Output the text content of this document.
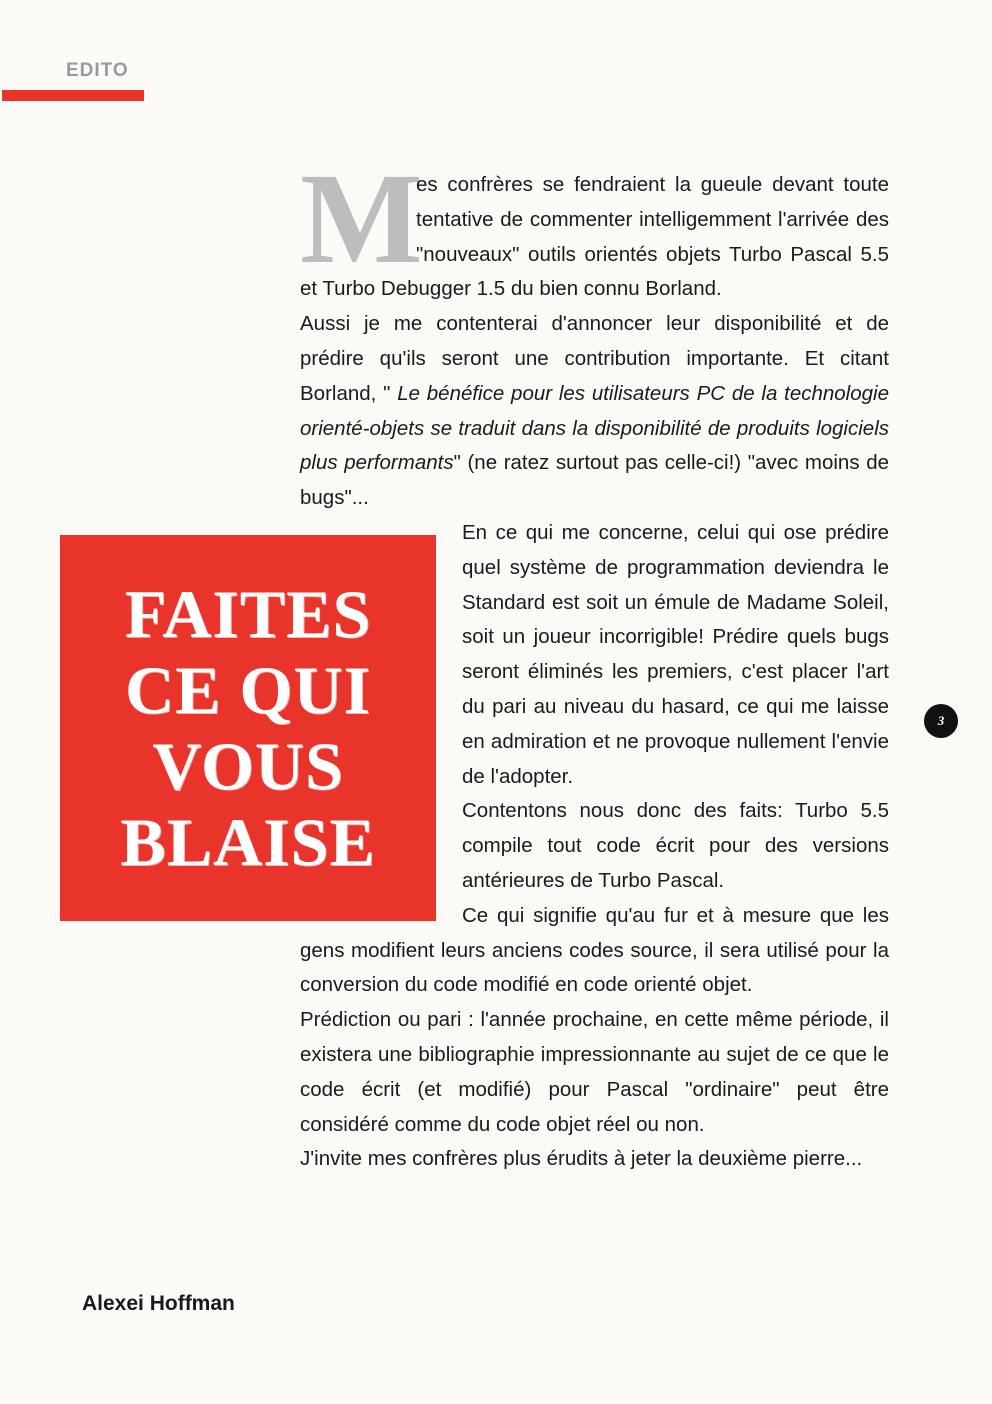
EDITO
FAITES
CE QUI
VOUS
BLAISE

M
es confrères se fendraient la gueule devant toute tentative de commenter intelligemment l'arrivée des "nouveaux" outils orientés objets Turbo Pascal 5.5 et Turbo Debugger 1.5 du bien connu Borland.

Aussi je me contenterai d'annoncer leur disponibilité et de prédire qu'ils seront une contribution importante. Et citant Borland, " Le bénéfice pour les utilisateurs PC de la technologie orienté-objets se traduit dans la disponibilité de produits logiciels plus performants" (ne ratez surtout pas celle-ci!) "avec moins de bugs"...

En ce qui me concerne, celui qui ose prédire quel système de programmation deviendra le Standard est soit un émule de Madame Soleil, soit un joueur incorrigible! Prédire quels bugs seront éliminés les premiers, c'est placer l'art du pari au niveau du hasard, ce qui me laisse en admiration et ne provoque nullement l'envie de l'adopter.

Contentons nous donc des faits: Turbo 5.5 compile tout code écrit pour des versions antérieures de Turbo Pascal.

Ce qui signifie qu'au fur et à mesure que les gens modifient leurs anciens codes source, il sera utilisé pour la conversion du code modifié en code orienté objet.

Prédiction ou pari : l'année prochaine, en cette même période, il existera une bibliographie impressionnante au sujet de ce que le code écrit (et modifié) pour Pascal "ordinaire" peut être considéré comme du code objet réel ou non.

J'invite mes confrères plus érudits à jeter la deuxième pierre...

Alexei Hoffman
3
